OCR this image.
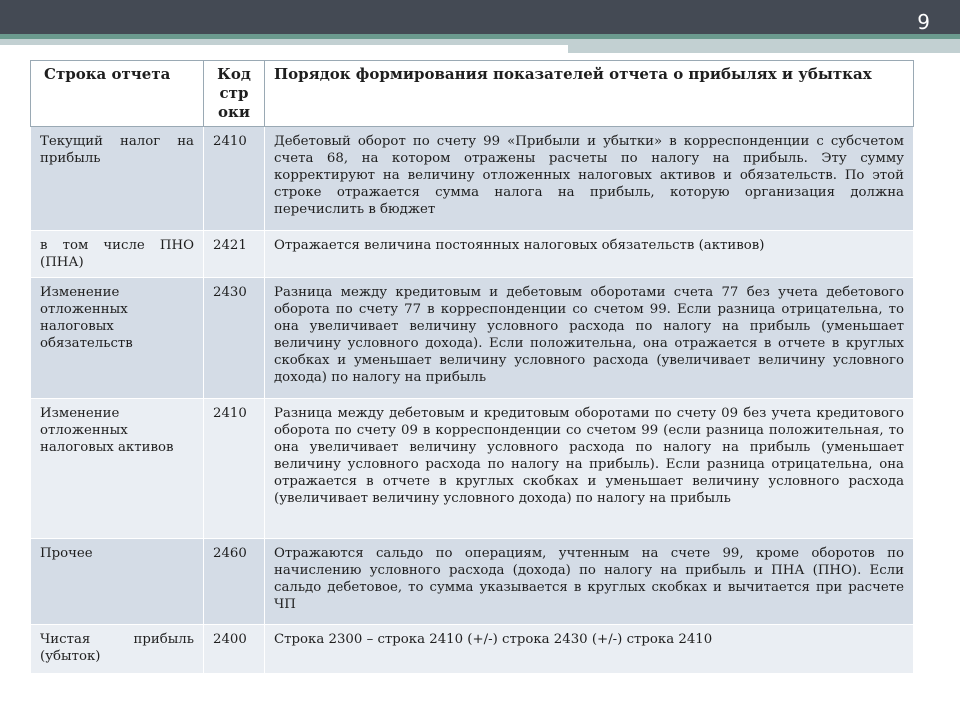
9
Строка отчета	Код стр оки	Порядок формирования показателей отчета о прибылях и убытках
Текущий налог на прибыль	2410	Дебетовый оборот по счету 99 «Прибыли и убытки» в корреспонденции с субсчетом счета 68, на котором отражены расчеты по налогу на прибыль. Эту сумму корректируют на величину отложенных налоговых активов и обязательств. По этой строке отражается сумма налога на прибыль, которую организация должна перечислить в бюджет
в том числе ПНО (ПНА)	2421	Отражается величина постоянных налоговых обязательств (активов)
Изменение отложенных налоговых обязательств	2430	Разница между кредитовым и дебетовым оборотами счета 77 без учета дебетового оборота по счету 77 в корреспонденции со счетом 99. Если разница отрицательна, то она увеличивает величину условного расхода по налогу на прибыль (уменьшает величину условного дохода). Если положительна, она отражается в отчете в круглых скобках и уменьшает величину условного расхода (увеличивает величину условного дохода) по налогу на прибыль
Изменение отложенных налоговых активов	2410	Разница между дебетовым и кредитовым оборотами по счету 09 без учета кредитового оборота по счету 09 в корреспонденции со счетом 99 (если разница положительная, то она увеличивает величину условного расхода по налогу на прибыль (уменьшает величину условного расхода по налогу на прибыль). Если разница отрицательна, она отражается в отчете в круглых скобках и уменьшает величину условного расхода (увеличивает величину условного дохода) по налогу на прибыль
Прочее	2460	Отражаются сальдо по операциям, учтенным на счете 99, кроме оборотов по начислению условного расхода (дохода) по налогу на прибыль и ПНА (ПНО). Если сальдо дебетовое, то сумма указывается в круглых скобках и вычитается при расчете ЧП
Чистая прибыль (убыток)	2400	Строка 2300 – строка 2410 (+/-) строка 2430 (+/-) строка 2410
